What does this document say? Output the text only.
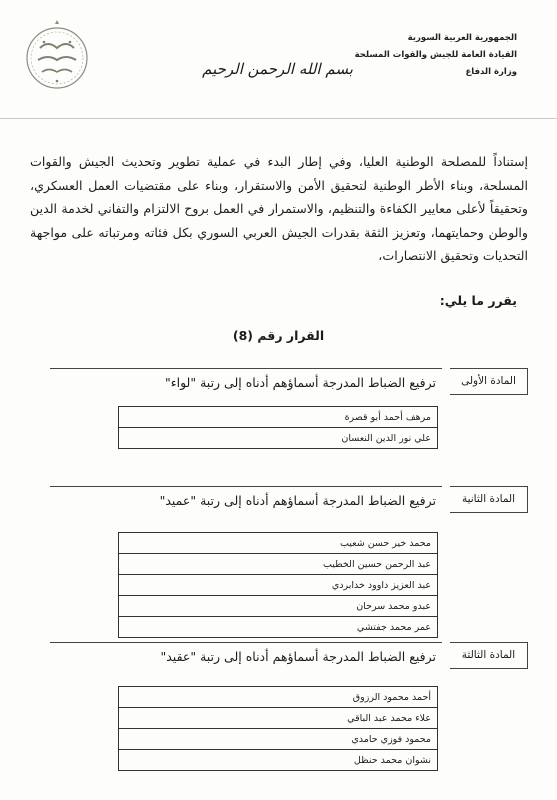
الجمهورية العربية السورية
القيادة العامة للجيش والقوات المسلحة
وزارة الدفاع
بسم الله الرحمن الرحيم
إستناداً للمصلحة الوطنية العليا، وفي إطار البدء في عملية تطوير وتحديث الجيش والقوات المسلحة، وبناء الأطر الوطنية لتحقيق الأمن والاستقرار، وبناء على مقتضيات العمل العسكري، وتحقيقاً لأعلى معايير الكفاءة والتنظيم، والاستمرار في العمل بروح الالتزام والتفاني لخدمة الدين والوطن وحمايتهما، وتعزيز الثقة بقدرات الجيش العربي السوري بكل فئاته ومرتباته على مواجهة التحديات وتحقيق الانتصارات،
يقرر ما يلي:
القرار رقم (8)
المادة الأولى
ترفيع الضباط المدرجة أسماؤهم أدناه إلى رتبة "لواء"
مرهف أحمد أبو قصرة
علي نور الدين النعسان
المادة الثانية
ترفيع الضباط المدرجة أسماؤهم أدناه إلى رتبة "عميد"
محمد خير حسن شعيب
عبد الرحمن حسين الخطيب
عبد العزيز داوود خدابردي
عبدو محمد سرحان
عمر محمد جفتشي
المادة الثالثة
ترفيع الضباط المدرجة أسماؤهم أدناه إلى رتبة "عقيد"
أحمد محمود الرزوق
علاء محمد عبد الباقي
محمود فوزي حامدي
نشوان محمد حنظل
